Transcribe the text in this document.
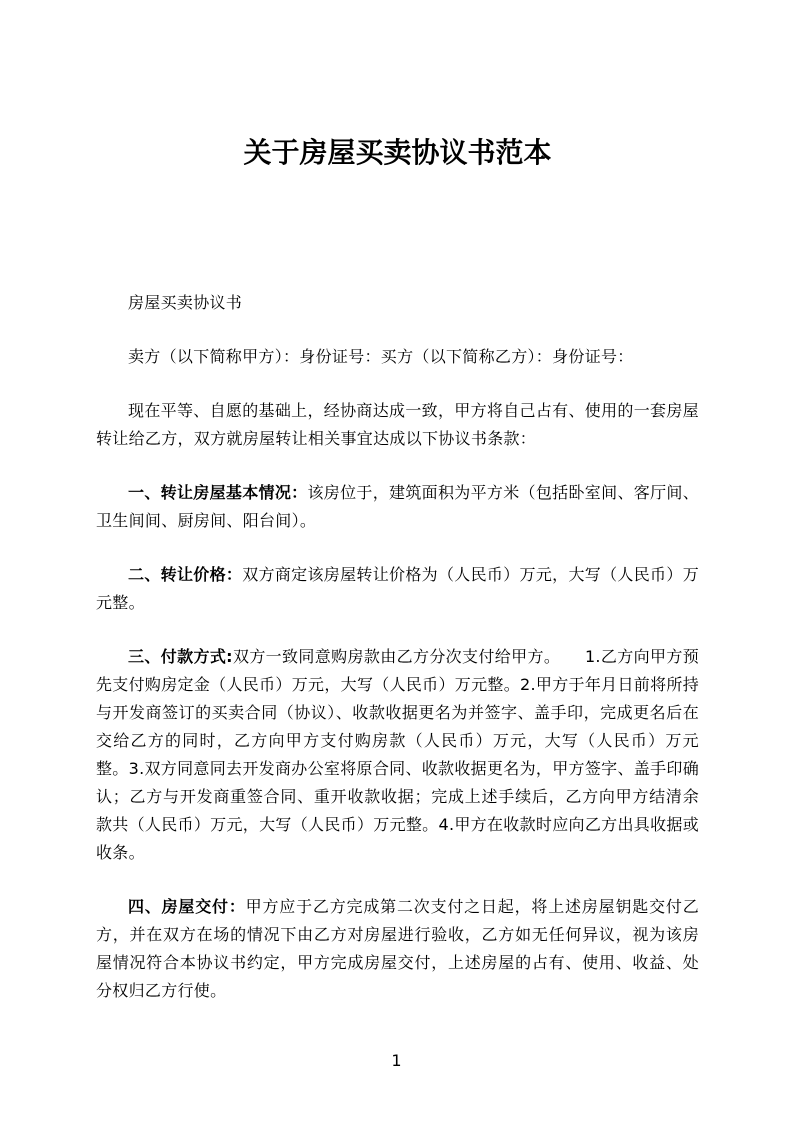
关于房屋买卖协议书范本

房屋买卖协议书

卖方（以下简称甲方）：身份证号：买方（以下简称乙方）：身份证号：

现在平等、自愿的基础上，经协商达成一致，甲方将自己占有、使用的一套房屋转让给乙方，双方就房屋转让相关事宜达成以下协议书条款：

一、转让房屋基本情况：该房位于，建筑面积为平方米（包括卧室间、客厅间、卫生间间、厨房间、阳台间）。

二、转让价格：双方商定该房屋转让价格为（人民币）万元，大写（人民币）万元整。

三、付款方式:双方一致同意购房款由乙方分次支付给甲方。　　1.乙方向甲方预先支付购房定金（人民币）万元，大写（人民币）万元整。2.甲方于年月日前将所持与开发商签订的买卖合同（协议）、收款收据更名为并签字、盖手印，完成更名后在交给乙方的同时，乙方向甲方支付购房款（人民币）万元，大写（人民币）万元整。3.双方同意同去开发商办公室将原合同、收款收据更名为，甲方签字、盖手印确认；乙方与开发商重签合同、重开收款收据；完成上述手续后，乙方向甲方结清余款共（人民币）万元，大写（人民币）万元整。4.甲方在收款时应向乙方出具收据或收条。

四、房屋交付：甲方应于乙方完成第二次支付之日起，将上述房屋钥匙交付乙方，并在双方在场的情况下由乙方对房屋进行验收，乙方如无任何异议，视为该房屋情况符合本协议书约定，甲方完成房屋交付，上述房屋的占有、使用、收益、处分权归乙方行使。

1
